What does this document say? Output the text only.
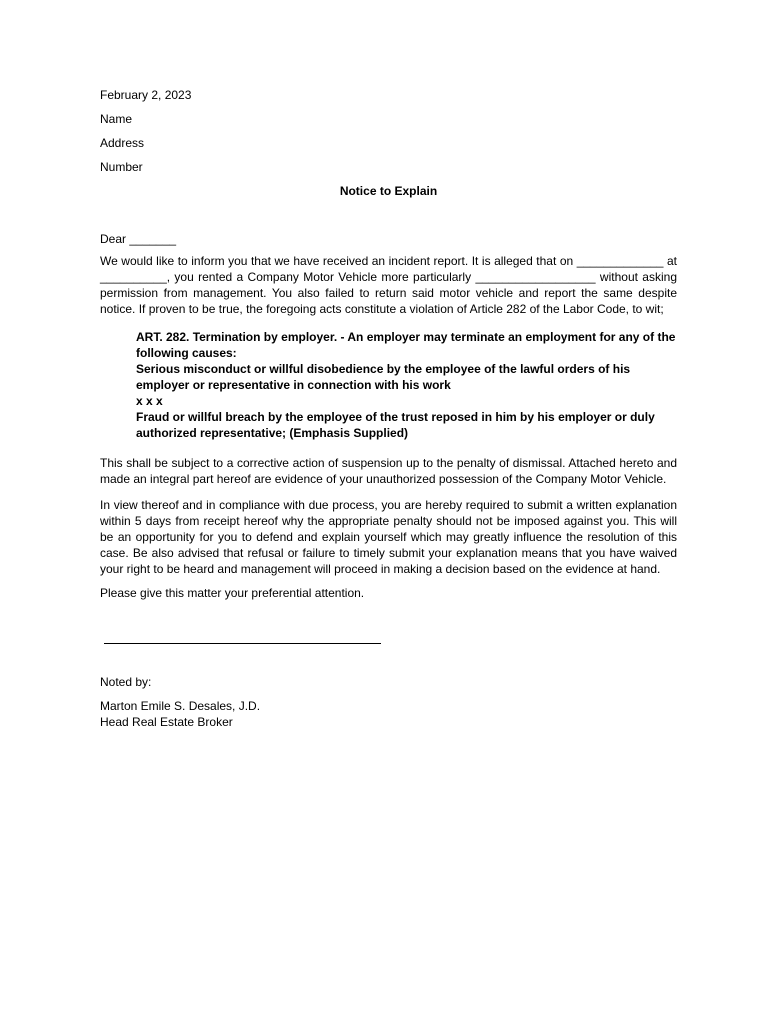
February 2, 2023

Name

Address

Number

Notice to Explain

Dear _______

We would like to inform you that we have received an incident report. It is alleged that on _____________ at __________, you rented a Company Motor Vehicle more particularly __________________ without asking permission from management. You also failed to return said motor vehicle and report the same despite notice. If proven to be true, the foregoing acts constitute a violation of Article 282 of the Labor Code, to wit;

ART. 282. Termination by employer. - An employer may terminate an employment for any of the following causes:

Serious misconduct or willful disobedience by the employee of the lawful orders of his employer or representative in connection with his work

x x x

Fraud or willful breach by the employee of the trust reposed in him by his employer or duly authorized representative; (Emphasis Supplied)

This shall be subject to a corrective action of suspension up to the penalty of dismissal. Attached hereto and made an integral part hereof are evidence of your unauthorized possession of the Company Motor Vehicle.

In view thereof and in compliance with due process, you are hereby required to submit a written explanation within 5 days from receipt hereof why the appropriate penalty should not be imposed against you. This will be an opportunity for you to defend and explain yourself which may greatly influence the resolution of this case. Be also advised that refusal or failure to timely submit your explanation means that you have waived your right to be heard and management will proceed in making a decision based on the evidence at hand.

Please give this matter your preferential attention.

Noted by:

Marton Emile S. Desales, J.D.

Head Real Estate Broker
